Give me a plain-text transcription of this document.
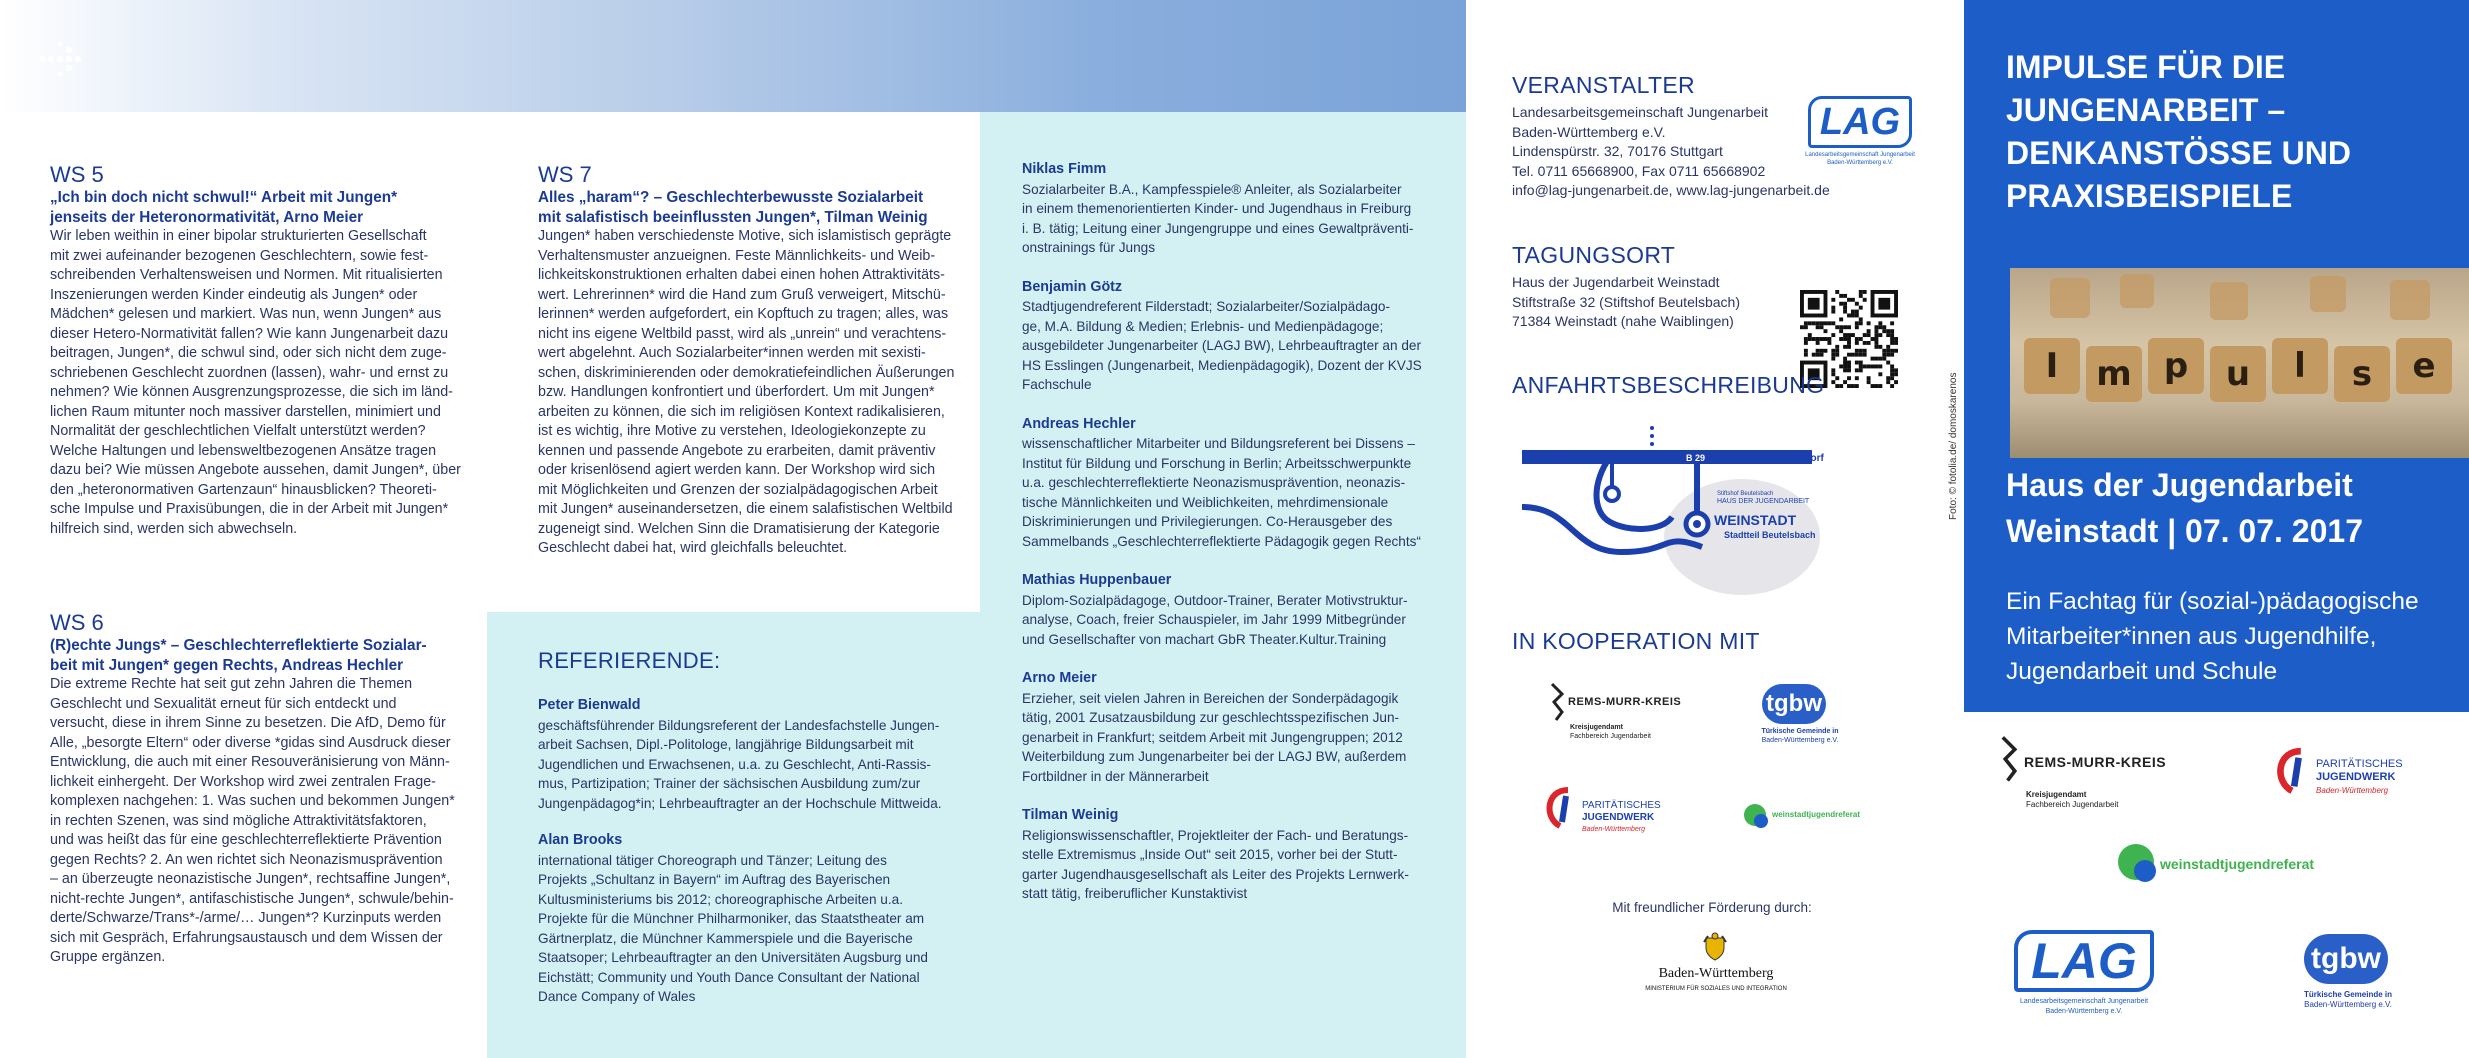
WS 5
„Ich bin doch nicht schwul!“ Arbeit mit Jungen*
jenseits der Heteronormativität, Arno Meier
Wir leben weithin in einer bipolar strukturierten Gesellschaft
mit zwei aufeinander bezogenen Geschlechtern, sowie fest-
schreibenden Verhaltensweisen und Normen. Mit ritualisierten
Inszenierungen werden Kinder eindeutig als Jungen* oder
Mädchen* gelesen und markiert. Was nun, wenn Jungen* aus
dieser Hetero-Normativität fallen? Wie kann Jungenarbeit dazu
beitragen, Jungen*, die schwul sind, oder sich nicht dem zuge-
schriebenen Geschlecht zuordnen (lassen), wahr- und ernst zu
nehmen? Wie können Ausgrenzungsprozesse, die sich im länd-
lichen Raum mitunter noch massiver darstellen, minimiert und
Normalität der geschlechtlichen Vielfalt unterstützt werden?
Welche Haltungen und lebensweltbezogenen Ansätze tragen
dazu bei? Wie müssen Angebote aussehen, damit Jungen*, über
den „heteronormativen Gartenzaun“ hinausblicken? Theoreti-
sche Impulse und Praxisübungen, die in der Arbeit mit Jungen*
hilfreich sind, werden sich abwechseln.
WS 6
(R)echte Jungs* – Geschlechterreflektierte Sozialar-
beit mit Jungen* gegen Rechts, Andreas Hechler
Die extreme Rechte hat seit gut zehn Jahren die Themen
Geschlecht und Sexualität erneut für sich entdeckt und
versucht, diese in ihrem Sinne zu besetzen. Die AfD, Demo für
Alle, „besorgte Eltern“ oder diverse *gidas sind Ausdruck dieser
Entwicklung, die auch mit einer Resouveränisierung von Männ-
lichkeit einhergeht. Der Workshop wird zwei zentralen Frage-
komplexen nachgehen: 1. Was suchen und bekommen Jungen*
in rechten Szenen, was sind mögliche Attraktivitätsfaktoren,
und was heißt das für eine geschlechterreflektierte Prävention
gegen Rechts? 2. An wen richtet sich Neonazismusprävention
– an überzeugte neonazistische Jungen*, rechtsaffine Jungen*,
nicht-rechte Jungen*, antifaschistische Jungen*, schwule/behin-
derte/Schwarze/Trans*-/arme/… Jungen*? Kurzinputs werden
sich mit Gespräch, Erfahrungsaustausch und dem Wissen der
Gruppe ergänzen.
WS 7
Alles „haram“? – Geschlechterbewusste Sozialarbeit
mit salafistisch beeinflussten Jungen*, Tilman Weinig
Jungen* haben verschiedenste Motive, sich islamistisch geprägte
Verhaltensmuster anzueignen. Feste Männlichkeits- und Weib-
lichkeitskonstruktionen erhalten dabei einen hohen Attraktivitäts-
wert. Lehrerinnen* wird die Hand zum Gruß verweigert, Mitschü-
lerinnen* werden aufgefordert, ein Kopftuch zu tragen; alles, was
nicht ins eigene Weltbild passt, wird als „unrein“ und verachtens-
wert abgelehnt. Auch Sozialarbeiter*innen werden mit sexisti-
schen, diskriminierenden oder demokratiefeindlichen Äußerungen
bzw. Handlungen konfrontiert und überfordert. Um mit Jungen*
arbeiten zu können, die sich im religiösen Kontext radikalisieren,
ist es wichtig, ihre Motive zu verstehen, Ideologiekonzepte zu
kennen und passende Angebote zu erarbeiten, damit präventiv
oder krisenlösend agiert werden kann. Der Workshop wird sich
mit Möglichkeiten und Grenzen der sozialpädagogischen Arbeit
mit Jungen* auseinandersetzen, die einem salafistischen Weltbild
zugeneigt sind. Welchen Sinn die Dramatisierung der Kategorie
Geschlecht dabei hat, wird gleichfalls beleuchtet.
REFERIERENDE:
Peter Bienwald
geschäftsführender Bildungsreferent der Landesfachstelle Jungen-
arbeit Sachsen, Dipl.-Politologe, langjährige Bildungsarbeit mit
Jugendlichen und Erwachsenen, u.a. zu Geschlecht, Anti-Rassis-
mus, Partizipation; Trainer der sächsischen Ausbildung zum/zur
Jungenpädagog*in; Lehrbeauftragter an der Hochschule Mittweida.
Alan Brooks
international tätiger Choreograph und Tänzer; Leitung des
Projekts „Schultanz in Bayern“ im Auftrag des Bayerischen
Kultusministeriums bis 2012; choreographische Arbeiten u.a.
Projekte für die Münchner Philharmoniker, das Staatstheater am
Gärtnerplatz, die Münchner Kammerspiele und die Bayerische
Staatsoper; Lehrbeauftragter an den Universitäten Augsburg und
Eichstätt; Community und Youth Dance Consultant der National
Dance Company of Wales
Niklas Fimm
Sozialarbeiter B.A., Kampfesspiele® Anleiter, als Sozialarbeiter
in einem themenorientierten Kinder- und Jugendhaus in Freiburg
i. B. tätig; Leitung einer Jungengruppe und eines Gewaltpräventi-
onstrainings für Jungs
Benjamin Götz
Stadtjugendreferent Filderstadt; Sozialarbeiter/Sozialpädago-
ge, M.A. Bildung & Medien; Erlebnis- und Medienpädagoge;
ausgebildeter Jungenarbeiter (LAGJ BW), Lehrbeauftragter an der
HS Esslingen (Jungenarbeit, Medienpädagogik), Dozent der KVJS
Fachschule
Andreas Hechler
wissenschaftlicher Mitarbeiter und Bildungsreferent bei Dissens –
Institut für Bildung und Forschung in Berlin; Arbeitsschwerpunkte
u.a. geschlechterreflektierte Neonazismusprävention, neonazis-
tische Männlichkeiten und Weiblichkeiten, mehrdimensionale
Diskriminierungen und Privilegierungen. Co-Herausgeber des
Sammelbands „Geschlechterreflektierte Pädagogik gegen Rechts“
Mathias Huppenbauer
Diplom-Sozialpädagoge, Outdoor-Trainer, Berater Motivstruktur-
analyse, Coach, freier Schauspieler, im Jahr 1999 Mitbegründer
und Gesellschafter von machart GbR Theater.Kultur.Training
Arno Meier
Erzieher, seit vielen Jahren in Bereichen der Sonderpädagogik
tätig, 2001 Zusatzausbildung zur geschlechtsspezifischen Jun-
genarbeit in Frankfurt; seitdem Arbeit mit Jungengruppen; 2012
Weiterbildung zum Jungenarbeiter bei der LAGJ BW, außerdem
Fortbildner in der Männerarbeit
Tilman Weinig
Religionswissenschaftler, Projektleiter der Fach- und Beratungs-
stelle Extremismus „Inside Out“ seit 2015, vorher bei der Stutt-
garter Jugendhausgesellschaft als Leiter des Projekts Lernwerk-
statt tätig, freiberuflicher Kunstaktivist
VERANSTALTER
Landesarbeitsgemeinschaft Jungenarbeit
Baden-Württemberg e.V.
Lindenspürstr. 32, 70176 Stuttgart
Tel. 0711 65668900, Fax 0711 65668902
info@lag-jungenarbeit.de, www.lag-jungenarbeit.de
LAG
Landesarbeitsgemeinschaft Jungenarbeit
Baden-Württemberg e.V.
TAGUNGSORT
Haus der Jugendarbeit Weinstadt
Stiftstraße 32 (Stiftshof Beutelsbach)
71384 Weinstadt (nahe Waiblingen)
ANFAHRTSBESCHREIBUNG
Waiblingen	Schorndorf
B 29
Stiftshof Beutelsbach
HAUS DER JUGENDARBEIT
WEINSTADT
Stadtteil Beutelsbach
IN KOOPERATION MIT
REMS-MURR-KREIS
Kreisjugendamt
Fachbereich Jugendarbeit
tgbw
Türkische Gemeinde in
Baden-Württemberg e.V.
PARITÄTISCHES
JUGENDWERK
Baden-Württemberg
weinstadtjugendreferat
Mit freundlicher Förderung durch:
Baden-Württemberg
MINISTERIUM FÜR SOZIALES UND INTEGRATION
IMPULSE FÜR DIE
JUNGENARBEIT –
DENKANSTÖSSE UND
PRAXISBEISPIELE
I	m p	u	l	s	e
Haus der Jugendarbeit
Weinstadt | 07. 07. 2017
Ein Fachtag für (sozial-)pädagogische
Mitarbeiter*innen aus Jugendhilfe,
Jugendarbeit und Schule
Foto: © fotolia.de/ domoskarenos
REMS-MURR-KREIS
Kreisjugendamt
Fachbereich Jugendarbeit
PARITÄTISCHES
JUGENDWERK
Baden-Württemberg
weinstadtjugendreferat
LAG
Landesarbeitsgemeinschaft Jungenarbeit
Baden-Württemberg e.V.
tgbw
Türkische Gemeinde in
Baden-Württemberg e.V.
